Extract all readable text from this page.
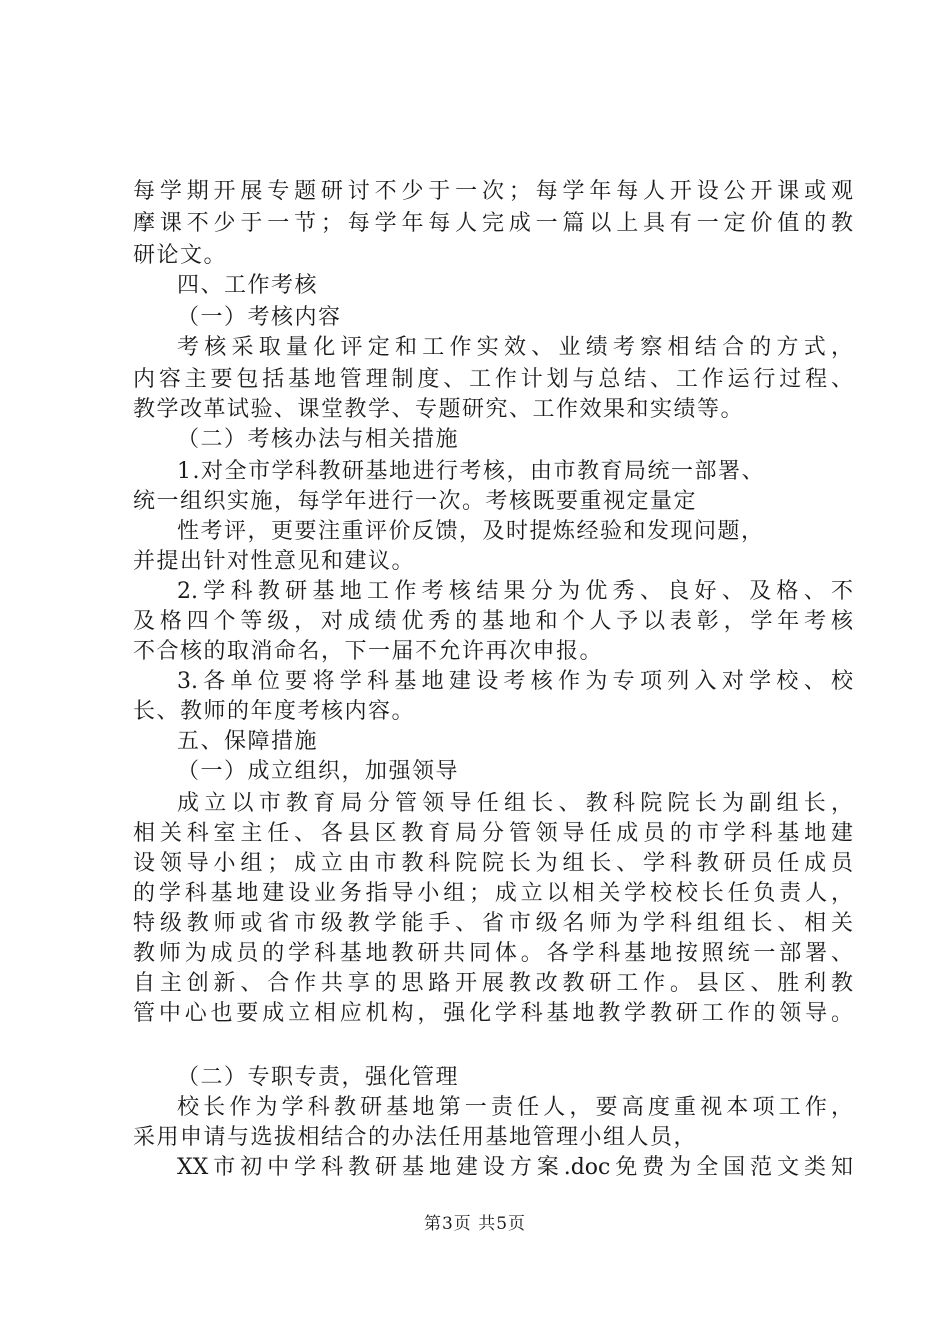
每学期开展专题研讨不少于一次；每学年每人开设公开课或观
摩课不少于一节；每学年每人完成一篇以上具有一定价值的教
研论文。
四、工作考核
（一）考核内容
考核采取量化评定和工作实效、业绩考察相结合的方式，
内容主要包括基地管理制度、工作计划与总结、工作运行过程、
教学改革试验、课堂教学、专题研究、工作效果和实绩等。
（二）考核办法与相关措施
1.对全市学科教研基地进行考核，由市教育局统一部署、
统一组织实施，每学年进行一次。考核既要重视定量定
性考评，更要注重评价反馈，及时提炼经验和发现问题，
并提出针对性意见和建议。
2.学科教研基地工作考核结果分为优秀、良好、及格、不
及格四个等级，对成绩优秀的基地和个人予以表彰，学年考核
不合核的取消命名，下一届不允许再次申报。
3.各单位要将学科基地建设考核作为专项列入对学校、校
长、教师的年度考核内容。
五、保障措施
（一）成立组织，加强领导
成立以市教育局分管领导任组长、教科院院长为副组长，
相关科室主任、各县区教育局分管领导任成员的市学科基地建
设领导小组；成立由市教科院院长为组长、学科教研员任成员
的学科基地建设业务指导小组；成立以相关学校校长任负责人，
特级教师或省市级教学能手、省市级名师为学科组组长、相关
教师为成员的学科基地教研共同体。各学科基地按照统一部署、
自主创新、合作共享的思路开展教改教研工作。县区、胜利教
管中心也要成立相应机构，强化学科基地教学教研工作的领导。
（二）专职专责，强化管理
校长作为学科教研基地第一责任人，要高度重视本项工作，
采用申请与选拔相结合的办法任用基地管理小组人员，
XX市初中学科教研基地建设方案.doc免费为全国范文类知
第3页 共5页
